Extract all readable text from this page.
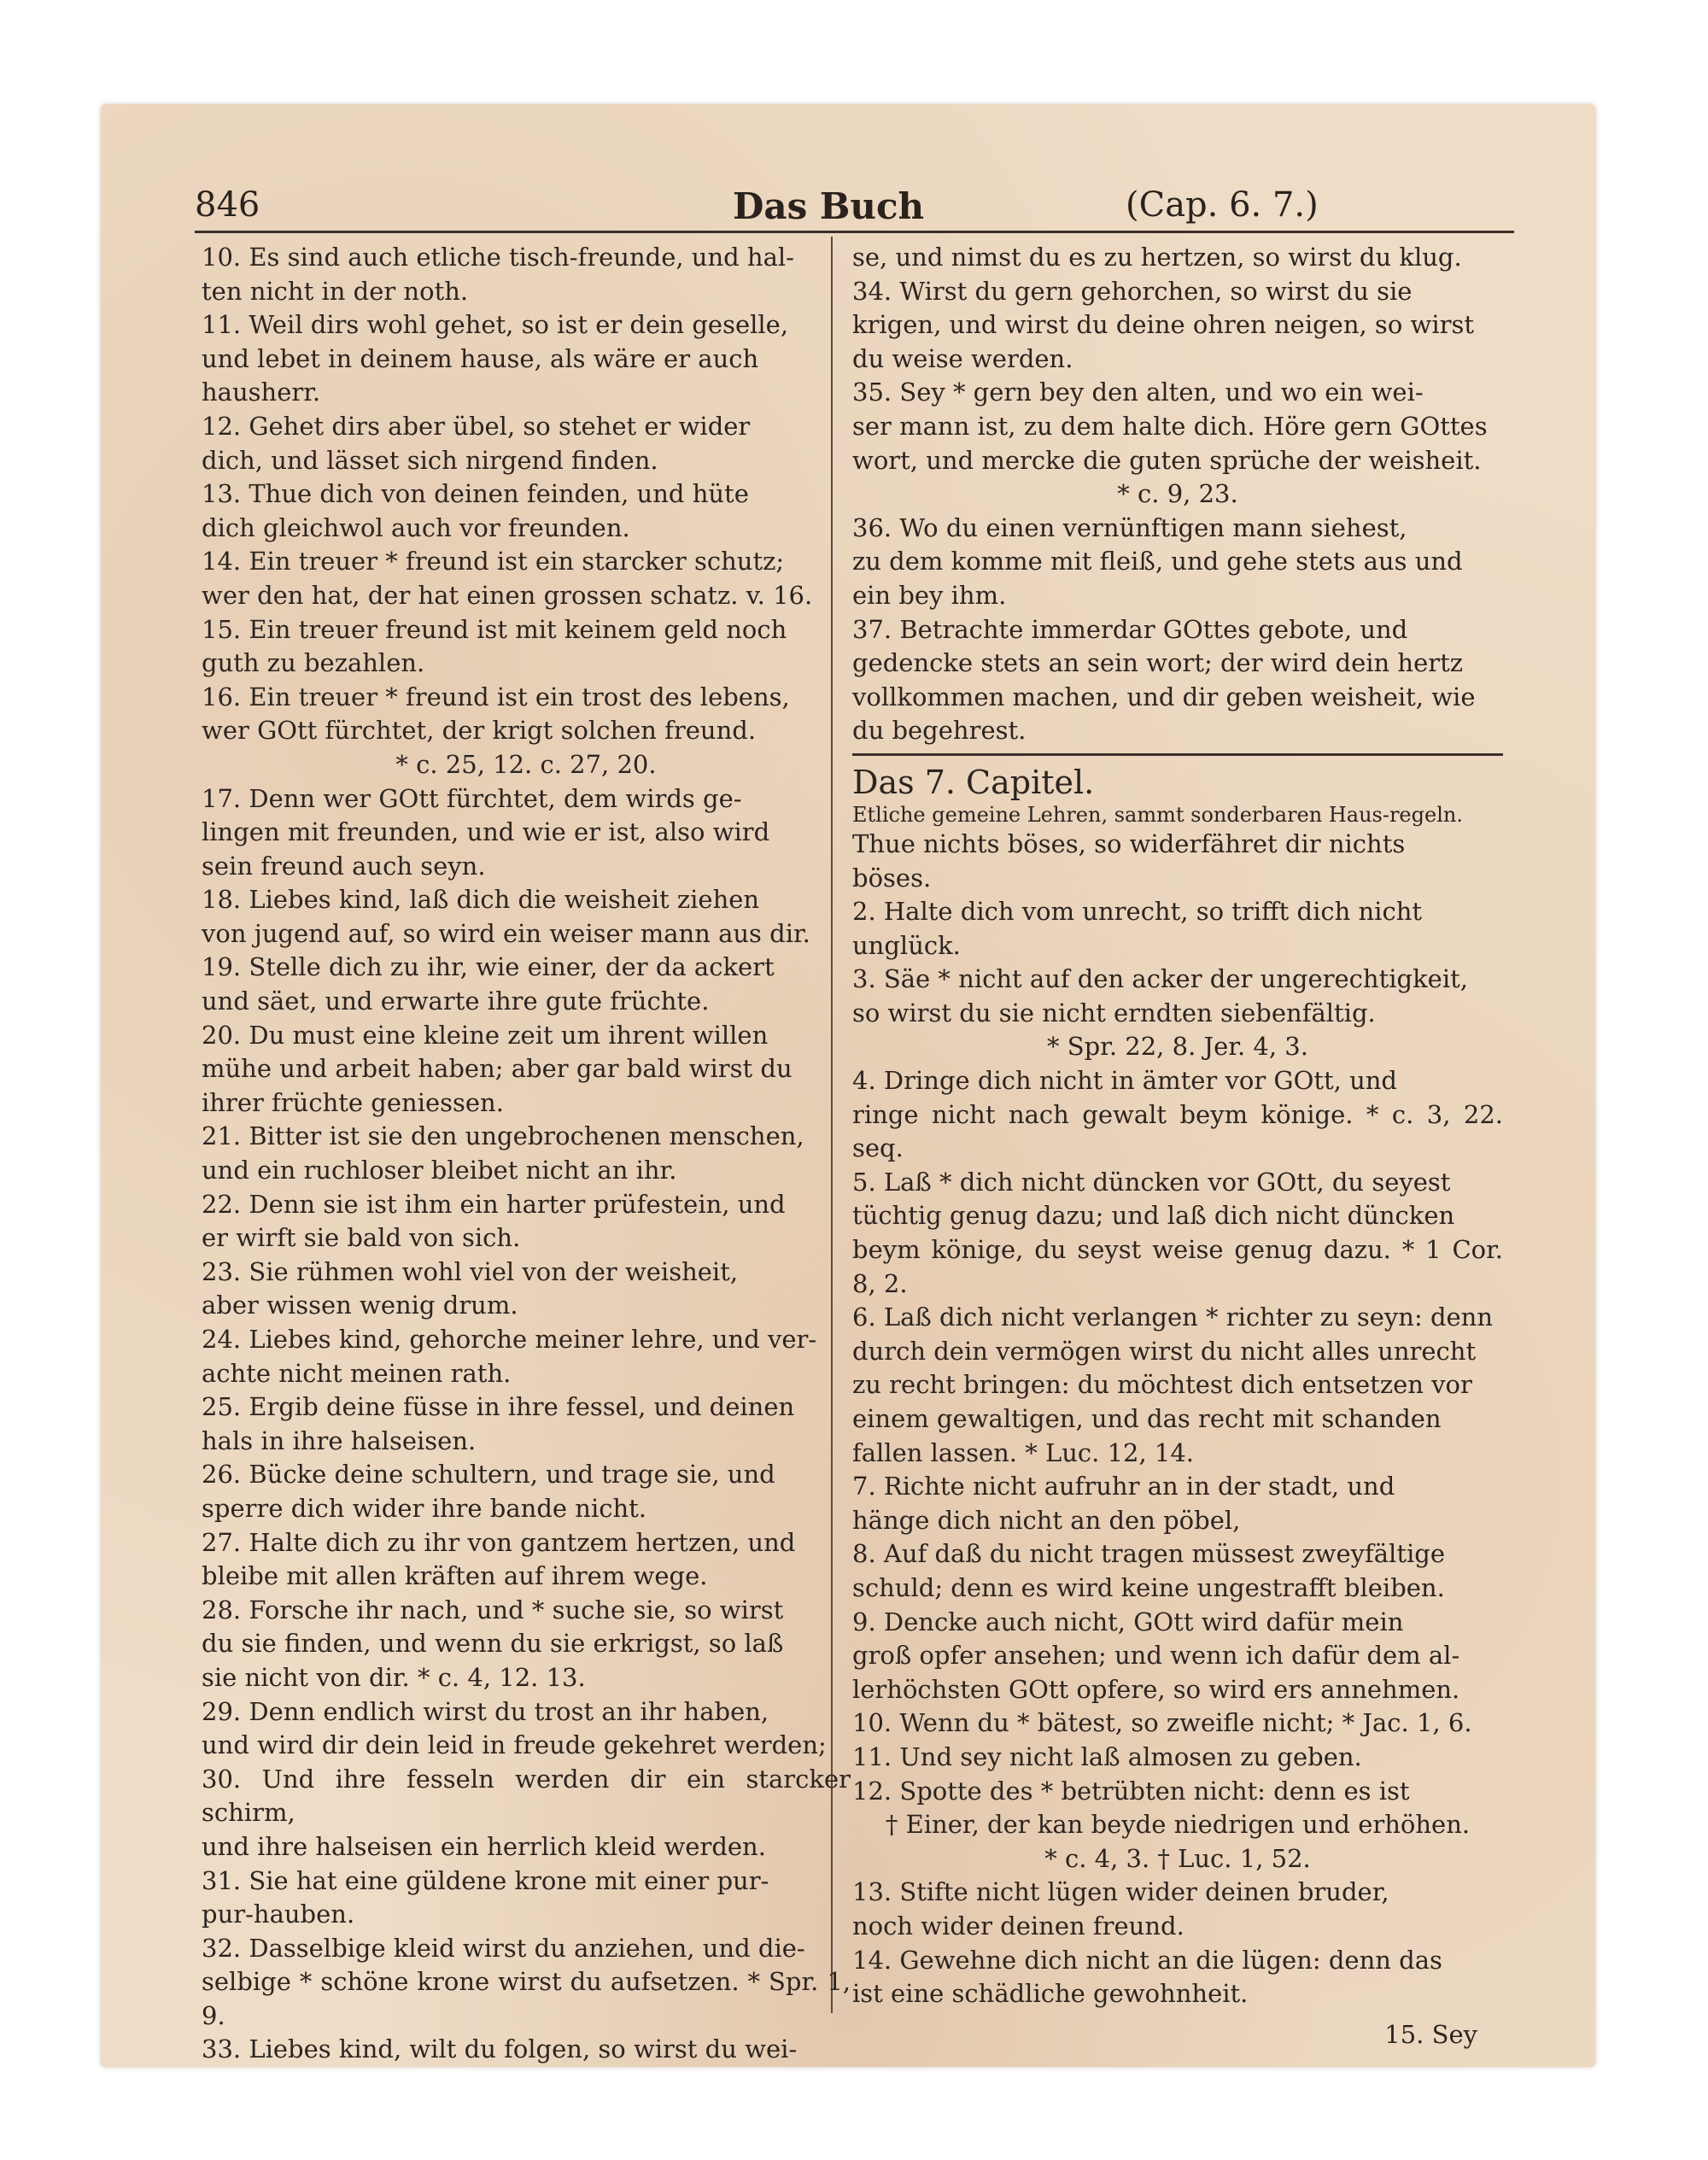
846	Das Buch	(Cap. 6. 7.)

10. Es sind auch etliche tisch-freunde, und hal-

ten nicht in der noth.

11. Weil dirs wohl gehet, so ist er dein geselle,

und lebet in deinem hause, als wäre er auch

hausherr.

12. Gehet dirs aber übel, so stehet er wider

dich, und lässet sich nirgend finden.

13. Thue dich von deinen feinden, und hüte

dich gleichwol auch vor freunden.

14. Ein treuer * freund ist ein starcker schutz;

wer den hat, der hat einen grossen schatz. v. 16.

15. Ein treuer freund ist mit keinem geld noch

guth zu bezahlen.

16. Ein treuer * freund ist ein trost des lebens,

wer GOtt fürchtet, der krigt solchen freund.

* c. 25, 12. c. 27, 20.

17. Denn wer GOtt fürchtet, dem wirds ge-

lingen mit freunden, und wie er ist, also wird

sein freund auch seyn.

18. Liebes kind, laß dich die weisheit ziehen

von jugend auf, so wird ein weiser mann aus dir.

19. Stelle dich zu ihr, wie einer, der da ackert

und säet, und erwarte ihre gute früchte.

20. Du must eine kleine zeit um ihrent willen

mühe und arbeit haben; aber gar bald wirst du

ihrer früchte geniessen.

21. Bitter ist sie den ungebrochenen menschen,

und ein ruchloser bleibet nicht an ihr.

22. Denn sie ist ihm ein harter prüfestein, und

er wirft sie bald von sich.

23. Sie rühmen wohl viel von der weisheit,

aber wissen wenig drum.

24. Liebes kind, gehorche meiner lehre, und ver-

achte nicht meinen rath.

25. Ergib deine füsse in ihre fessel, und deinen

hals in ihre halseisen.

26. Bücke deine schultern, und trage sie, und

sperre dich wider ihre bande nicht.

27. Halte dich zu ihr von gantzem hertzen, und

bleibe mit allen kräften auf ihrem wege.

28. Forsche ihr nach, und * suche sie, so wirst

du sie finden, und wenn du sie erkrigst, so laß

sie nicht von dir. * c. 4, 12. 13.

29. Denn endlich wirst du trost an ihr haben,

und wird dir dein leid in freude gekehret werden;

30. Und ihre fesseln werden dir ein starcker schirm,

und ihre halseisen ein herrlich kleid werden.

31. Sie hat eine güldene krone mit einer pur-

pur-hauben.

32. Dasselbige kleid wirst du anziehen, und die-

selbige * schöne krone wirst du aufsetzen. * Spr. 1, 9.

33. Liebes kind, wilt du folgen, so wirst du wei-

se, und nimst du es zu hertzen, so wirst du klug.

34. Wirst du gern gehorchen, so wirst du sie

krigen, und wirst du deine ohren neigen, so wirst

du weise werden.

35. Sey * gern bey den alten, und wo ein wei-

ser mann ist, zu dem halte dich. Höre gern GOttes

wort, und mercke die guten sprüche der weisheit.

* c. 9, 23.

36. Wo du einen vernünftigen mann siehest,

zu dem komme mit fleiß, und gehe stets aus und

ein bey ihm.

37. Betrachte immerdar GOttes gebote, und

gedencke stets an sein wort; der wird dein hertz

vollkommen machen, und dir geben weisheit, wie

du begehrest.

Das 7. Capitel.

Etliche gemeine Lehren, sammt sonderbaren Haus-regeln.

Thue nichts böses, so widerfähret dir nichts

böses.

2. Halte dich vom unrecht, so trifft dich nicht

unglück.

3. Säe * nicht auf den acker der ungerechtigkeit,

so wirst du sie nicht erndten siebenfältig.

* Spr. 22, 8. Jer. 4, 3.

4. Dringe dich nicht in ämter vor GOtt, und

ringe nicht nach gewalt beym könige. * c. 3, 22. seq.

5. Laß * dich nicht düncken vor GOtt, du seyest

tüchtig genug dazu; und laß dich nicht düncken

beym könige, du seyst weise genug dazu. * 1 Cor. 8, 2.

6. Laß dich nicht verlangen * richter zu seyn: denn

durch dein vermögen wirst du nicht alles unrecht

zu recht bringen: du möchtest dich entsetzen vor

einem gewaltigen, und das recht mit schanden

fallen lassen. * Luc. 12, 14.

7. Richte nicht aufruhr an in der stadt, und

hänge dich nicht an den pöbel,

8. Auf daß du nicht tragen müssest zweyfältige

schuld; denn es wird keine ungestrafft bleiben.

9. Dencke auch nicht, GOtt wird dafür mein

groß opfer ansehen; und wenn ich dafür dem al-

lerhöchsten GOtt opfere, so wird ers annehmen.

10. Wenn du * bätest, so zweifle nicht; * Jac. 1, 6.

11. Und sey nicht laß almosen zu geben.

12. Spotte des * betrübten nicht: denn es ist

† Einer, der kan beyde niedrigen und erhöhen.

* c. 4, 3. † Luc. 1, 52.

13. Stifte nicht lügen wider deinen bruder,

noch wider deinen freund.

14. Gewehne dich nicht an die lügen: denn das

ist eine schädliche gewohnheit.

15. Sey
